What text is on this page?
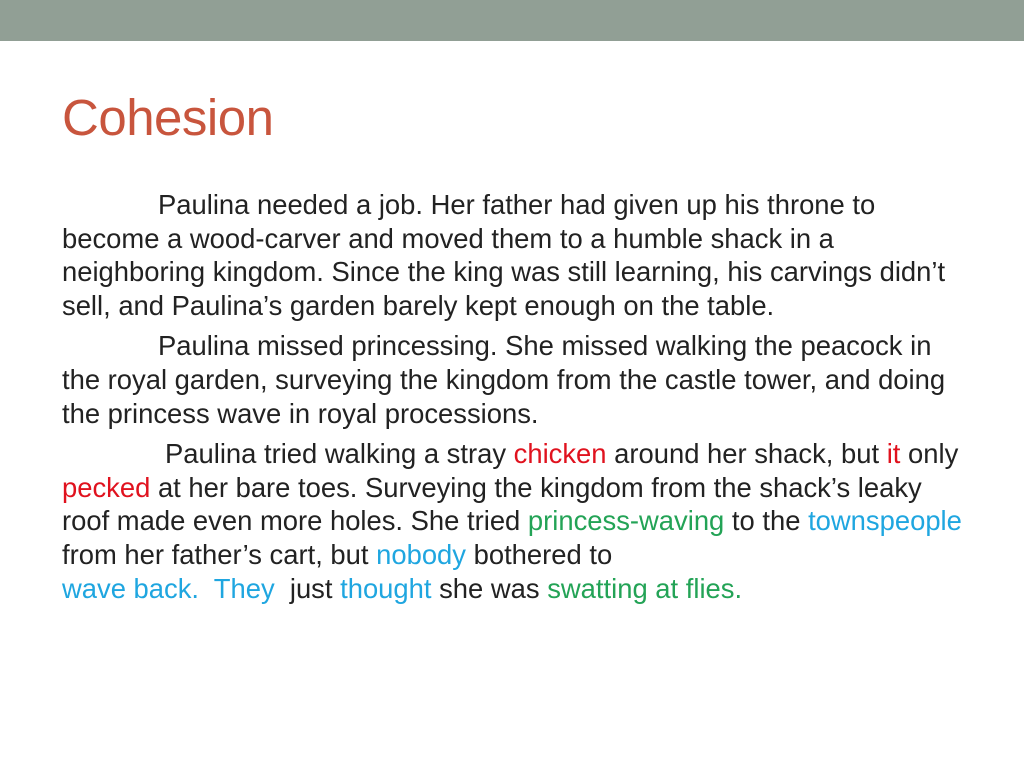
Cohesion

Paulina needed a job. Her father had given up his throne to become a wood-carver and moved them to a humble shack in a neighboring kingdom. Since the king was still learning, his carvings didn’t sell, and Paulina’s garden barely kept enough on the table.

Paulina missed princessing. She missed walking the peacock in the royal garden, surveying the kingdom from the castle tower, and doing the princess wave in royal processions.

Paulina tried walking a stray chicken around her shack, but it only pecked at her bare toes. Surveying the kingdom from the shack’s leaky roof made even more holes. She tried princess-waving to the townspeople from her father’s cart, but nobody bothered to wave back.  They  just thought she was swatting at flies.
